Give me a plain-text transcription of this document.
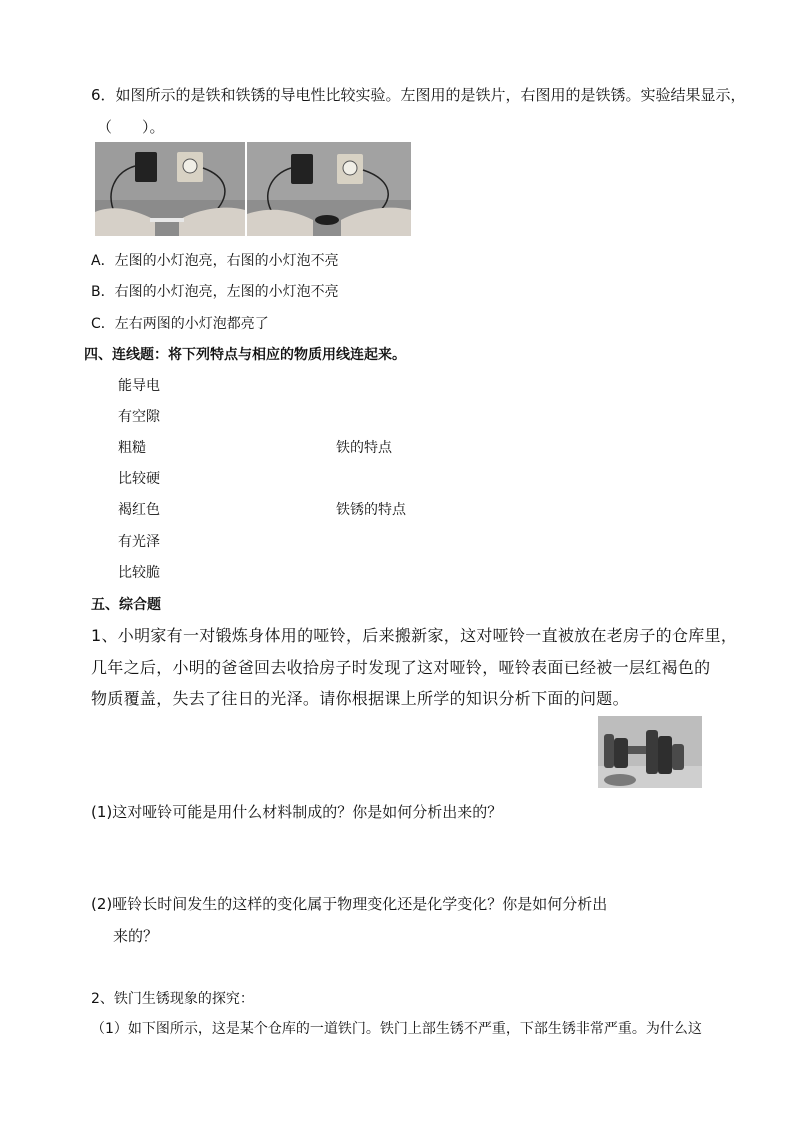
6．如图所示的是铁和铁锈的导电性比较实验。左图用的是铁片，右图用的是铁锈。实验结果显示，
（　　）。
A．左图的小灯泡亮，右图的小灯泡不亮
B．右图的小灯泡亮，左图的小灯泡不亮
C．左右两图的小灯泡都亮了
四、连线题：将下列特点与相应的物质用线连起来。
能导电
有空隙
粗糙
比较硬
褐红色
有光泽
比较脆
铁的特点
铁锈的特点
五、综合题
1、小明家有一对锻炼身体用的哑铃，后来搬新家，这对哑铃一直被放在老房子的仓库里，
几年之后，小明的爸爸回去收拾房子时发现了这对哑铃，哑铃表面已经被一层红褐色的
物质覆盖，失去了往日的光泽。请你根据课上所学的知识分析下面的问题。
(1)这对哑铃可能是用什么材料制成的？你是如何分析出来的？
(2)哑铃长时间发生的这样的变化属于物理变化还是化学变化？你是如何分析出
来的？
2、铁门生锈现象的探究：
（1）如下图所示，这是某个仓库的一道铁门。铁门上部生锈不严重，下部生锈非常严重。为什么这
